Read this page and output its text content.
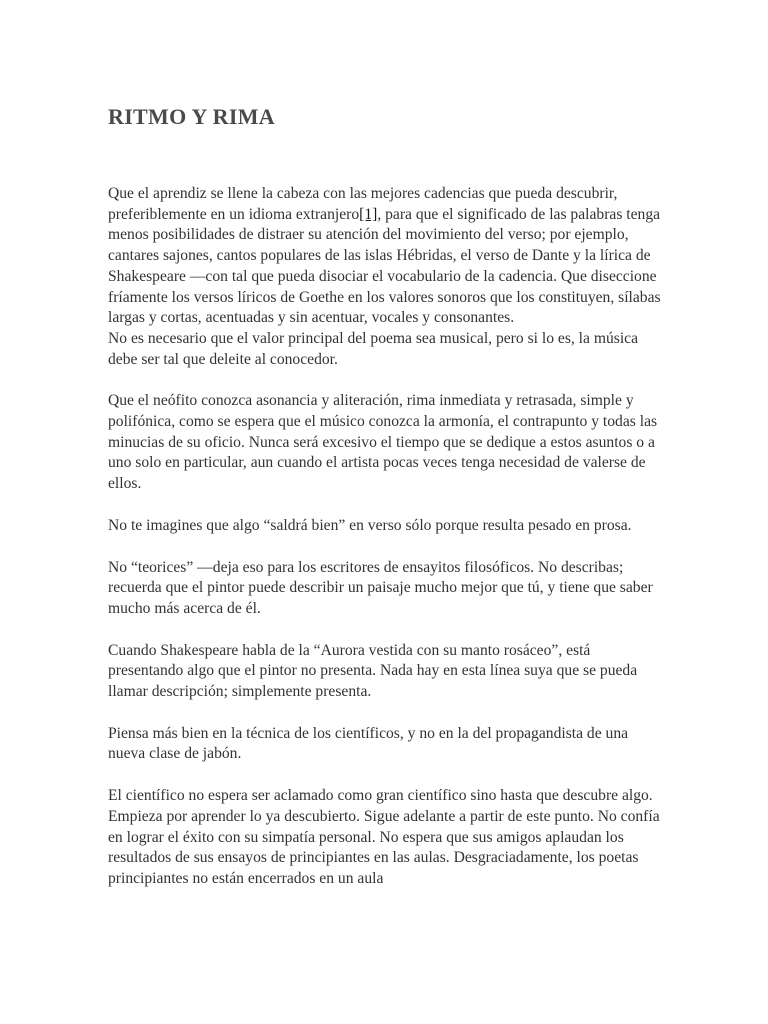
RITMO Y RIMA

Que el aprendiz se llene la cabeza con las mejores cadencias que pueda descubrir, preferiblemente en un idioma extranjero[1], para que el significado de las palabras tenga menos posibilidades de distraer su atención del movimiento del verso; por ejemplo, cantares sajones, cantos populares de las islas Hébridas, el verso de Dante y la lírica de Shakespeare —con tal que pueda disociar el vocabulario de la cadencia. Que diseccione fríamente los versos líricos de Goethe en los valores sonoros que los constituyen, sílabas largas y cortas, acentuadas y sin acentuar, vocales y consonantes.

No es necesario que el valor principal del poema sea musical, pero si lo es, la música debe ser tal que deleite al conocedor.

Que el neófito conozca asonancia y aliteración, rima inmediata y retrasada, simple y polifónica, como se espera que el músico conozca la armonía, el contrapunto y todas las minucias de su oficio. Nunca será excesivo el tiempo que se dedique a estos asuntos o a uno solo en particular, aun cuando el artista pocas veces tenga necesidad de valerse de ellos.

No te imagines que algo “saldrá bien” en verso sólo porque resulta pesado en prosa.

No “teorices” —deja eso para los escritores de ensayitos filosóficos. No describas; recuerda que el pintor puede describir un paisaje mucho mejor que tú, y tiene que saber mucho más acerca de él.

Cuando Shakespeare habla de la “Aurora vestida con su manto rosáceo”, está presentando algo que el pintor no presenta. Nada hay en esta línea suya que se pueda llamar descripción; simplemente presenta.

Piensa más bien en la técnica de los científicos, y no en la del propagandista de una nueva clase de jabón.

El científico no espera ser aclamado como gran científico sino hasta que descubre algo. Empieza por aprender lo ya descubierto. Sigue adelante a partir de este punto. No confía en lograr el éxito con su simpatía personal. No espera que sus amigos aplaudan los resultados de sus ensayos de principiantes en las aulas. Desgraciadamente, los poetas principiantes no están encerrados en un aula
